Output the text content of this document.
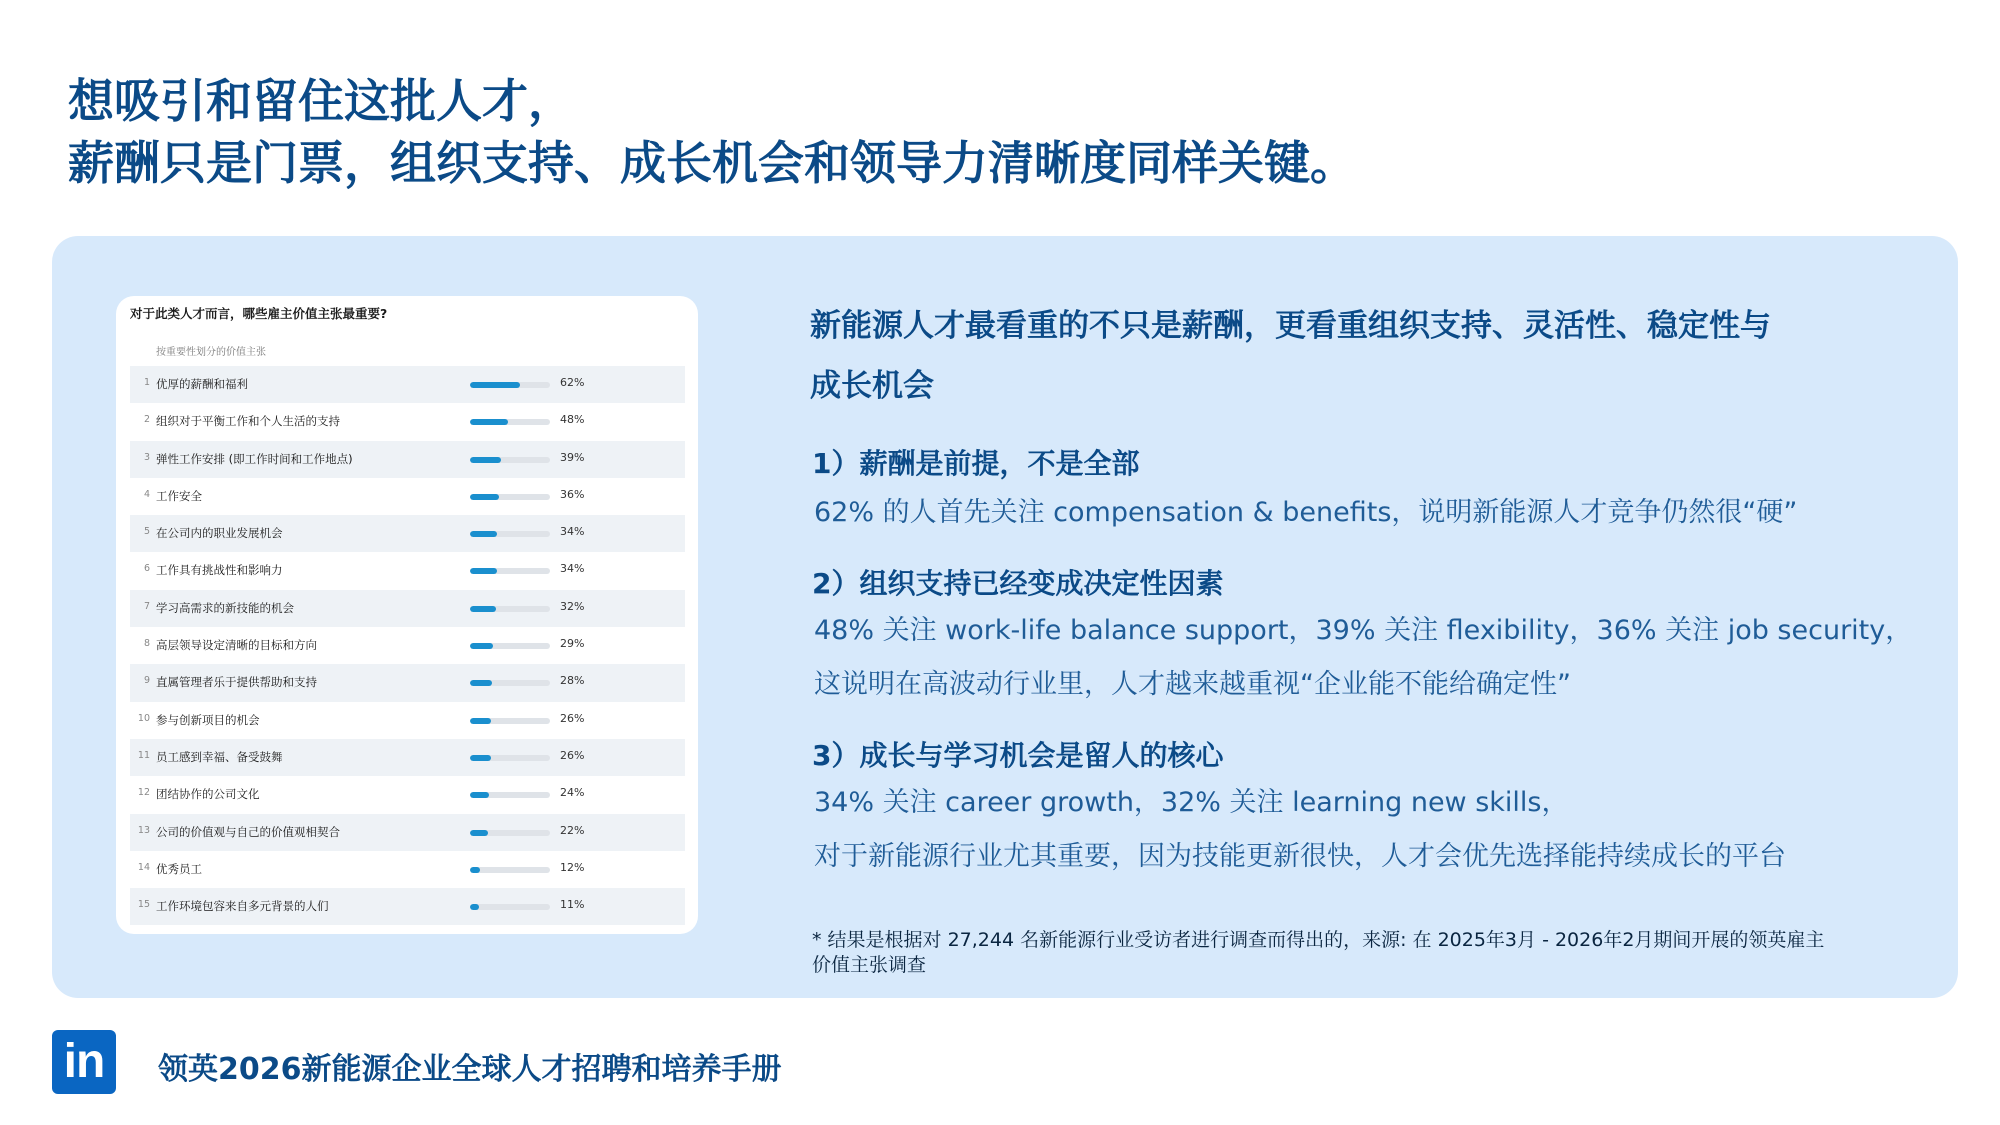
想吸引和留住这批人才，
薪酬只是门票，组织支持、成长机会和领导力清晰度同样关键。
对于此类人才而言，哪些雇主价值主张最重要?
按重要性划分的价值主张
1 优厚的薪酬和福利	62%
2 组织对于平衡工作和个人生活的支持	48%
3 弹性工作安排 (即工作时间和工作地点)	39%
4 工作安全	36%
5 在公司内的职业发展机会	34%
6 工作具有挑战性和影响力	34%
7 学习高需求的新技能的机会	32%
8 高层领导设定清晰的目标和方向	29%
9 直属管理者乐于提供帮助和支持	28%
10 参与创新项目的机会	26%
11 员工感到幸福、备受鼓舞	26%
12 团结协作的公司文化	24%
13 公司的价值观与自己的价值观相契合	22%
14 优秀员工	12%
15 工作环境包容来自多元背景的人们	11%
新能源人才最看重的不只是薪酬，更看重组织支持、灵活性、稳定性与
成长机会
1）薪酬是前提，不是全部
62% 的人首先关注 compensation & benefits，说明新能源人才竞争仍然很“硬”
2）组织支持已经变成决定性因素
48% 关注 work-life balance support，39% 关注 flexibility，36% 关注 job security，
这说明在高波动行业里，人才越来越重视“企业能不能给确定性”
3）成长与学习机会是留人的核心
34% 关注 career growth，32% 关注 learning new skills，
对于新能源行业尤其重要，因为技能更新很快，人才会优先选择能持续成长的平台
* 结果是根据对 27,244 名新能源行业受访者进行调查而得出的，来源: 在 2025年3月 - 2026年2月期间开展的领英雇主
价值主张调查
in	领英2026新能源企业全球人才招聘和培养手册
